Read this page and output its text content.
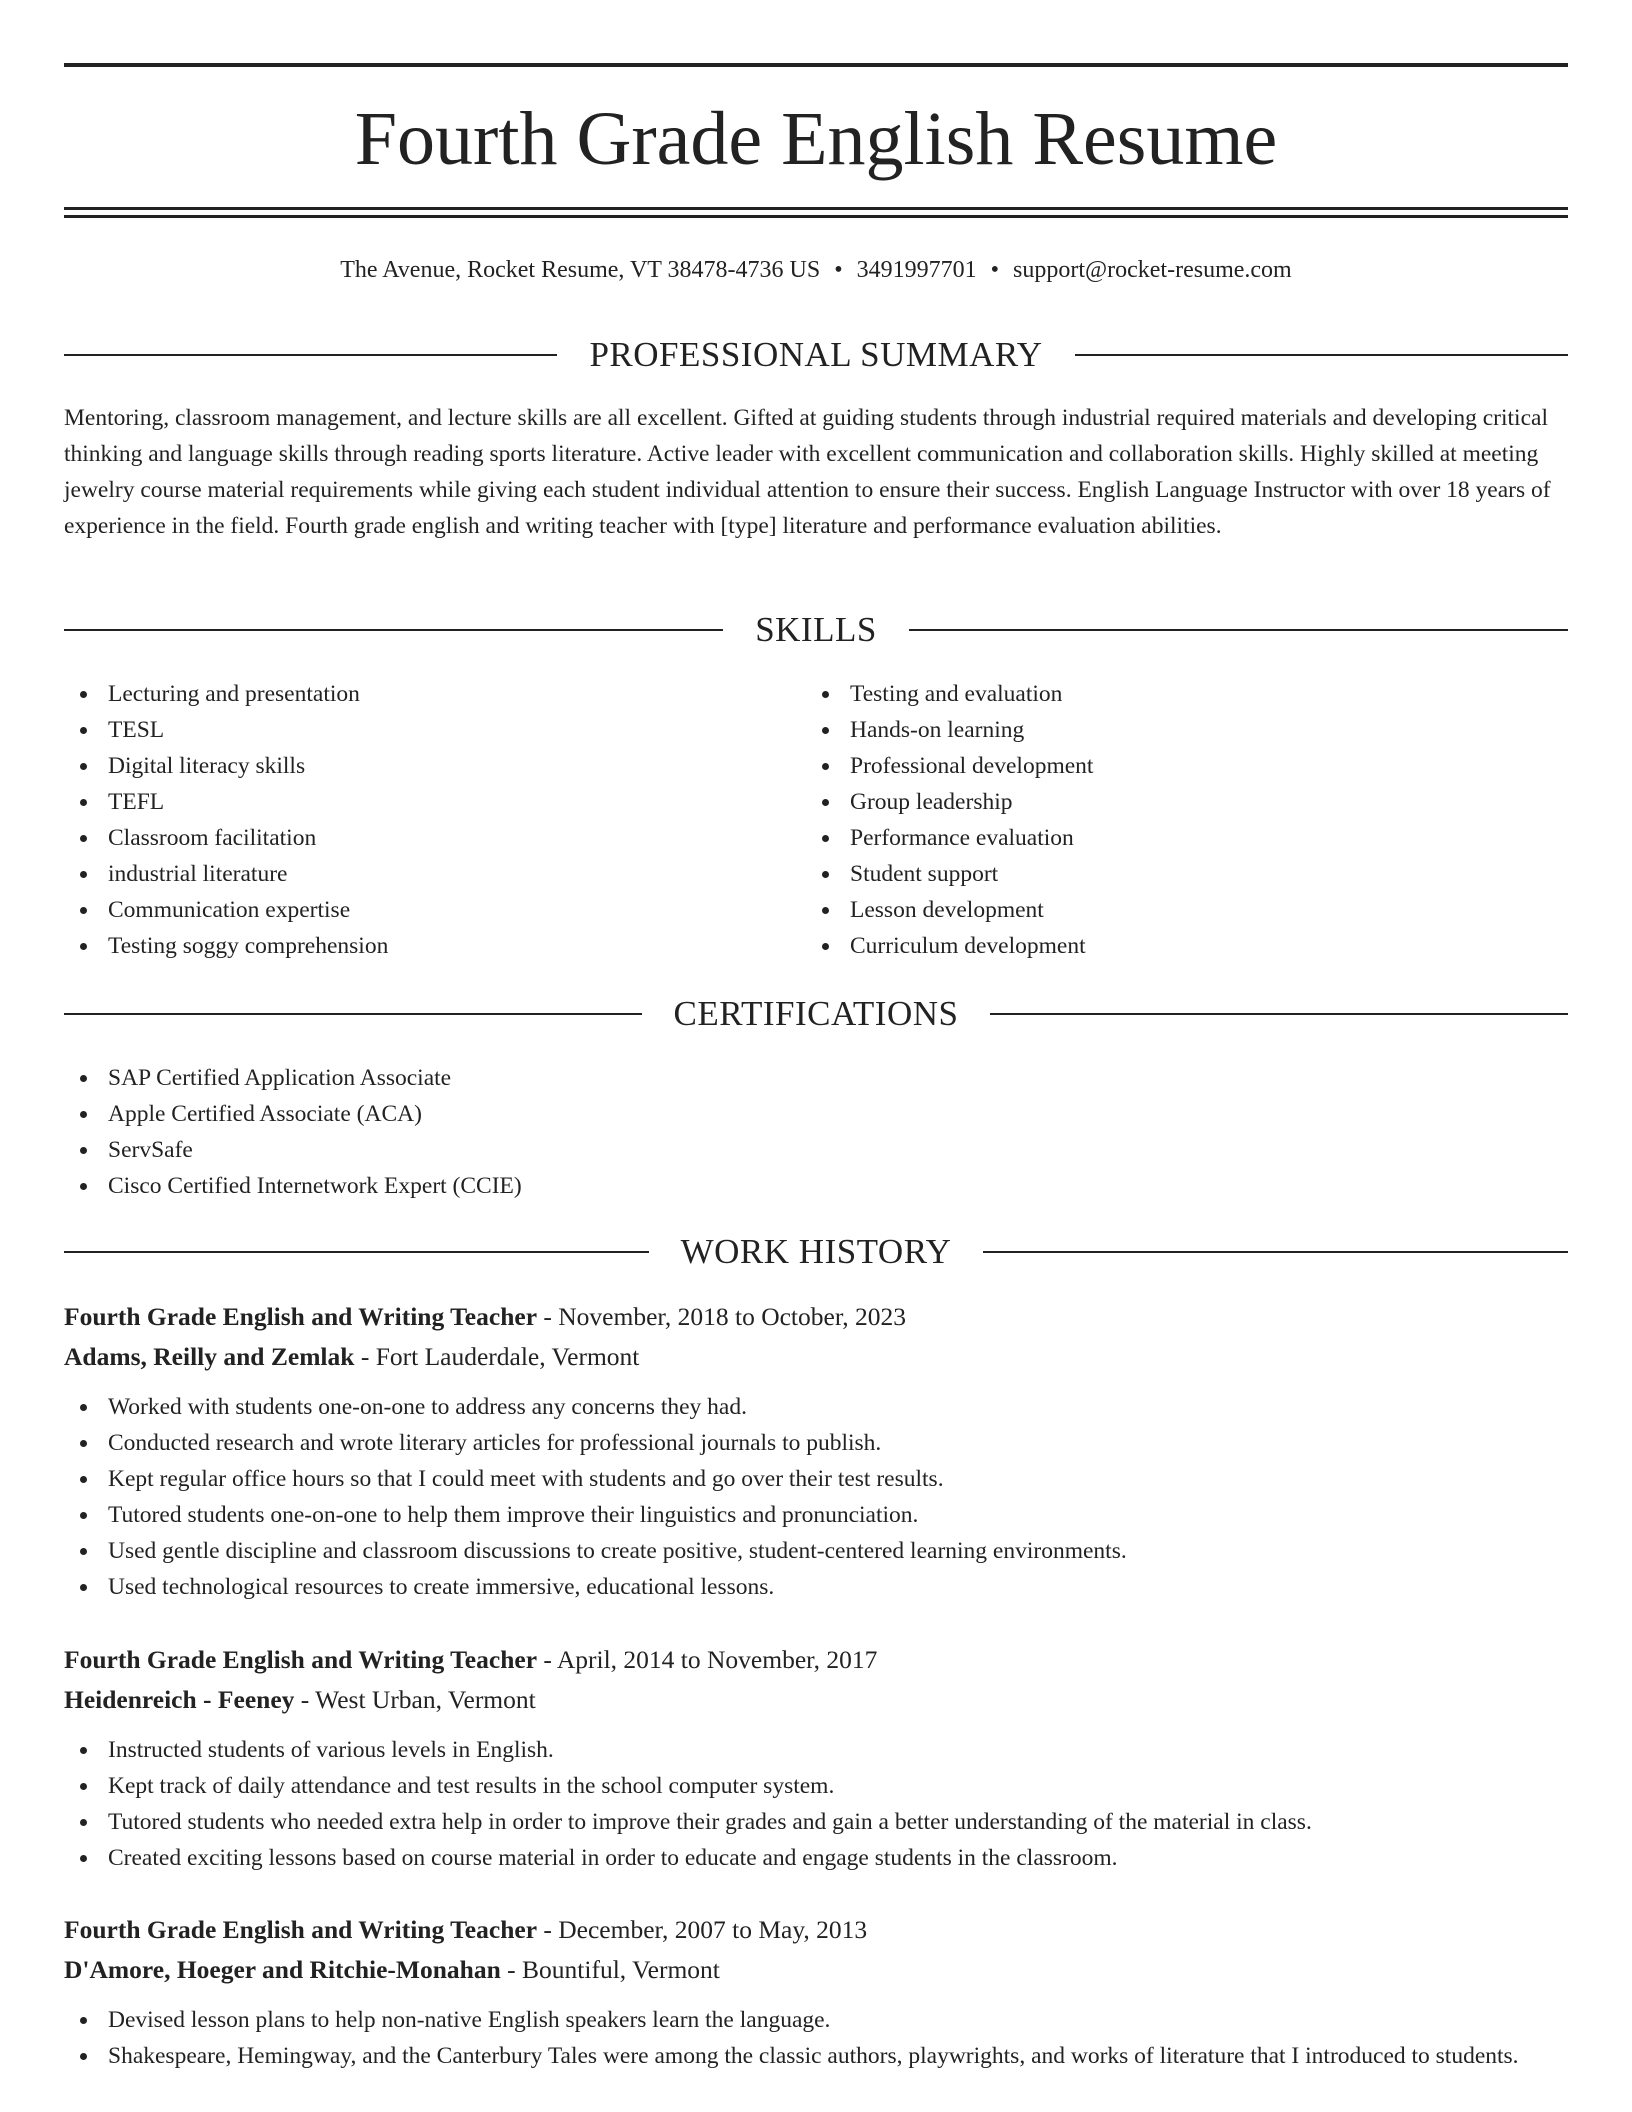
Fourth Grade English Resume
The Avenue, Rocket Resume, VT 38478-4736 US • 3491997701 • support@rocket-resume.com
PROFESSIONAL SUMMARY

Mentoring, classroom management, and lecture skills are all excellent. Gifted at guiding students through industrial required materials and developing critical thinking and language skills through reading sports literature. Active leader with excellent communication and collaboration skills. Highly skilled at meeting jewelry course material requirements while giving each student individual attention to ensure their success. English Language Instructor with over 18 years of experience in the field. Fourth grade english and writing teacher with [type] literature and performance evaluation abilities.

SKILLS
Lecturing and presentation
TESL
Digital literacy skills
TEFL
Classroom facilitation
industrial literature
Communication expertise
Testing soggy comprehension
Testing and evaluation
Hands-on learning
Professional development
Group leadership
Performance evaluation
Student support
Lesson development
Curriculum development
CERTIFICATIONS
SAP Certified Application Associate
Apple Certified Associate (ACA)
ServSafe
Cisco Certified Internetwork Expert (CCIE)
WORK HISTORY
Fourth Grade English and Writing Teacher - November, 2018 to October, 2023
Adams, Reilly and Zemlak - Fort Lauderdale, Vermont
Worked with students one-on-one to address any concerns they had.
Conducted research and wrote literary articles for professional journals to publish.
Kept regular office hours so that I could meet with students and go over their test results.
Tutored students one-on-one to help them improve their linguistics and pronunciation.
Used gentle discipline and classroom discussions to create positive, student-centered learning environments.
Used technological resources to create immersive, educational lessons.
Fourth Grade English and Writing Teacher - April, 2014 to November, 2017
Heidenreich - Feeney - West Urban, Vermont
Instructed students of various levels in English.
Kept track of daily attendance and test results in the school computer system.
Tutored students who needed extra help in order to improve their grades and gain a better understanding of the material in class.
Created exciting lessons based on course material in order to educate and engage students in the classroom.
Fourth Grade English and Writing Teacher - December, 2007 to May, 2013
D'Amore, Hoeger and Ritchie-Monahan - Bountiful, Vermont
Devised lesson plans to help non-native English speakers learn the language.
Shakespeare, Hemingway, and the Canterbury Tales were among the classic authors, playwrights, and works of literature that I introduced to students.
